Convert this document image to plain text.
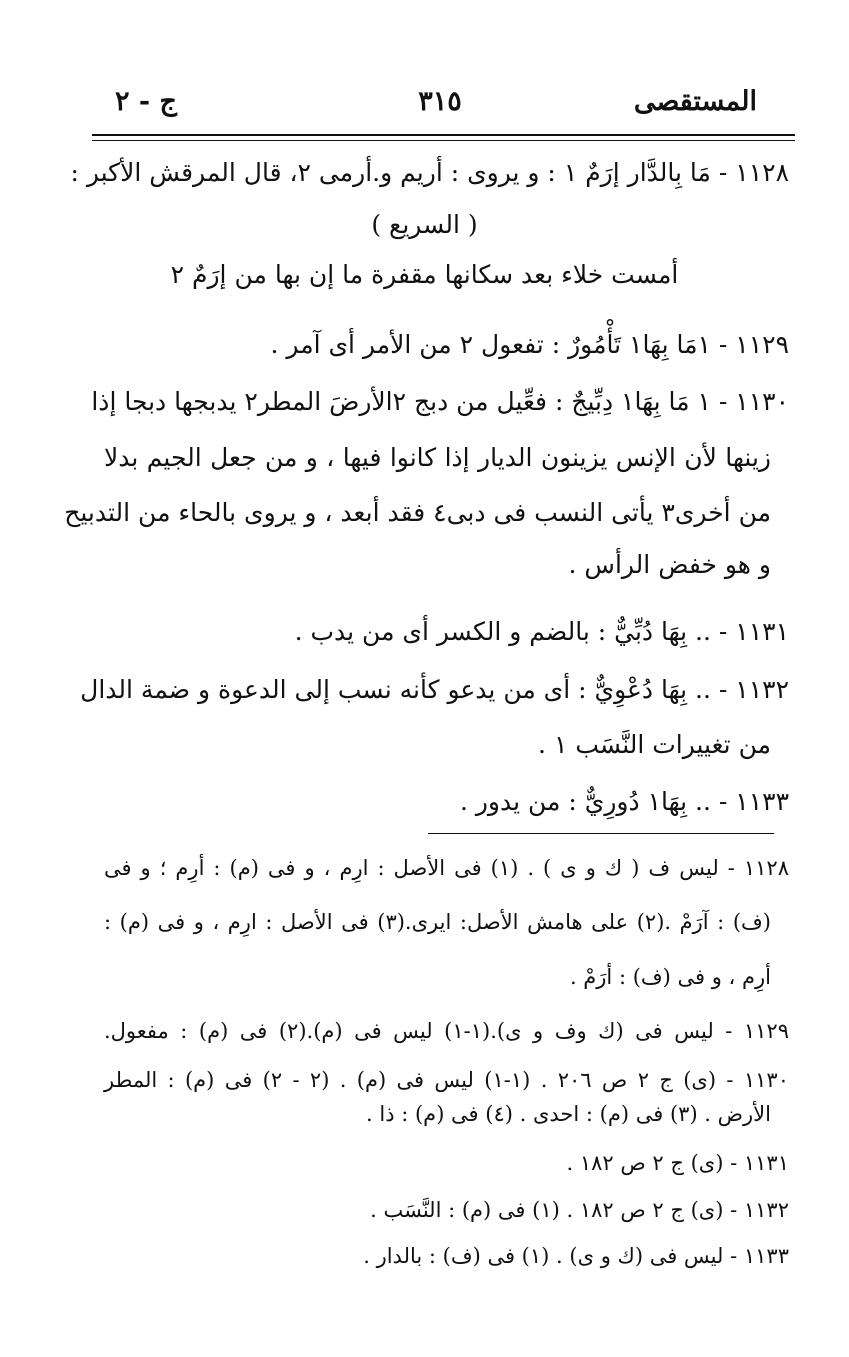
المستقصى
٣١٥
ج - ٢
١١٢٨ - مَا بِالدَّار إرَمٌ ١ : و يروى : أريم و.أرمى ٢، قال المرقش الأكبر :
( السريع )
أمست خلاء بعد سكانها مقفرة ما إن بها من إرَمٌ ٢
١١٢٩ - ١مَا بِهَا١ تَأْمُورٌ : تفعول ٢ من الأمر أى آمر .
١١٣٠ - ١ مَا بِهَا١ دِبِّيجٌ : فعِّيل من دبج ٢الأرضَ المطر٢ يدبجها دبجا إذا
زينها لأن الإنس يزينون الديار إذا كانوا فيها ، و من جعل الجيم بدلا
من أخرى٣ يأتى النسب فى دبى٤ فقد أبعد ، و يروى بالحاء من التدبيح
و هو خفض الرأس .
١١٣١ - .. بِهَا دُبِّيٌّ : بالضم و الكسر أى من يدب .
١١٣٢ - .. بِهَا دُعْوِيٌّ : أى من يدعو كأنه نسب إلى الدعوة و ضمة الدال
من تغييرات النَّسَب ١ .
١١٣٣ - .. بِهَا١ دُورِيٌّ : من يدور .
١١٢٨ - ليس ف ( ك و ى ) . (١) فى الأصل : ارِم ، و فى (م) : أرِم ؛ و فى
(ف) : آرَمْ .(٢) على هامش الأصل: ايرى.(٣) فى الأصل : ارِم ، و فى (م) :
أرِم ، و فى (ف) : أرَمْ .
١١٢٩ - ليس فى (ك وف و ى).(١-١) ليس فى (م).(٢) فى (م) : مفعول.
١١٣٠ - (ى) ج ٢ ص ٢٠٦ . (١-١) ليس فى (م) . (٢ - ٢) فى (م) : المطر
الأرض . (٣) فى (م) : احدى . (٤) فى (م) : ذا .
١١٣١ - (ى) ج ٢ ص ١٨٢ .
١١٣٢ - (ى) ج ٢ ص ١٨٢ . (١) فى (م) : النَّسَب .
١١٣٣ - ليس فى (ك و ى) . (١) فى (ف) : بالدار .
